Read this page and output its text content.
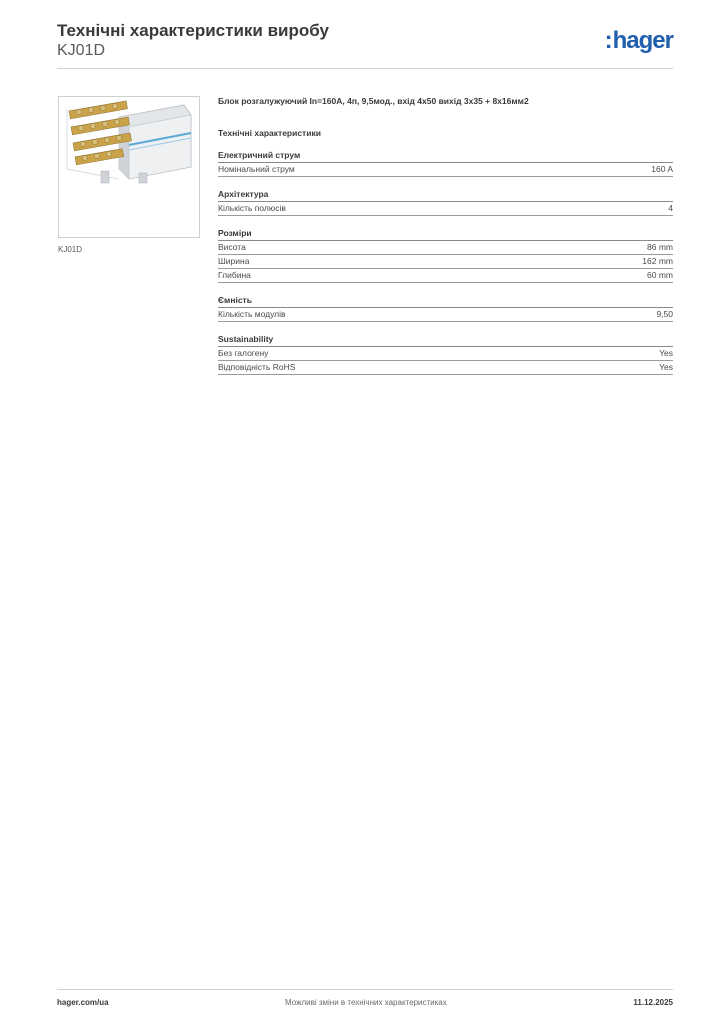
Технічні характеристики виробу
KJ01D	:hager
KJ01D
Блок розгалужуючий In=160A, 4п, 9,5мод., вхід 4x50 вихід 3x35 + 8x16мм2
Технічні характеристики
Електричний струм
Номінальний струм	160 A
Архітектура
Кількість полюсів	4
Розміри
Висота	86 mm
Ширина	162 mm
Глибина	60 mm
Ємність
Кількість модулів	9,50
Sustainability
Без галогену	Yes
Відповідність RoHS	Yes
hager.com/ua	Можливі зміни в технічних характеристиках	11.12.2025
